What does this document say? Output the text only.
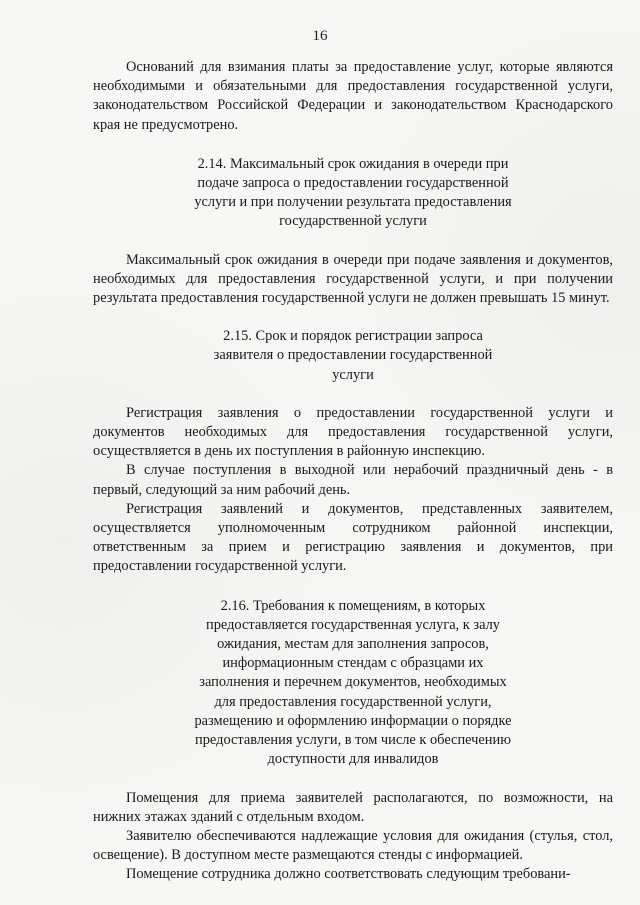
16

Оснований для взимания платы за предоставление услуг, которые являются необходимыми и обязательными для предоставления государственной услуги, законодательством Российской Федерации и законодательством Краснодарского края не предусмотрено.

2.14. Максимальный срок ожидания в очереди при подаче запроса о предоставлении государственной услуги и при получении результата предоставления государственной услуги

Максимальный срок ожидания в очереди при подаче заявления и документов, необходимых для предоставления государственной услуги, и при получении результата предоставления государственной услуги не должен превышать 15 минут.

2.15. Срок и порядок регистрации запроса заявителя о предоставлении государственной услуги

Регистрация заявления о предоставлении государственной услуги и документов необходимых для предоставления государственной услуги, осуществляется в день их поступления в районную инспекцию.

В случае поступления в выходной или нерабочий праздничный день - в первый, следующий за ним рабочий день.

Регистрация заявлений и документов, представленных заявителем, осуществляется уполномоченным сотрудником районной инспекции, ответственным за прием и регистрацию заявления и документов, при предоставлении государственной услуги.

2.16. Требования к помещениям, в которых предоставляется государственная услуга, к залу ожидания, местам для заполнения запросов, информационным стендам с образцами их заполнения и перечнем документов, необходимых для предоставления государственной услуги, размещению и оформлению информации о порядке предоставления услуги, в том числе к обеспечению доступности для инвалидов

Помещения для приема заявителей располагаются, по возможности, на нижних этажах зданий с отдельным входом.

Заявителю обеспечиваются надлежащие условия для ожидания (стулья, стол, освещение). В доступном месте размещаются стенды с информацией.

Помещение сотрудника должно соответствовать следующим требовани-
